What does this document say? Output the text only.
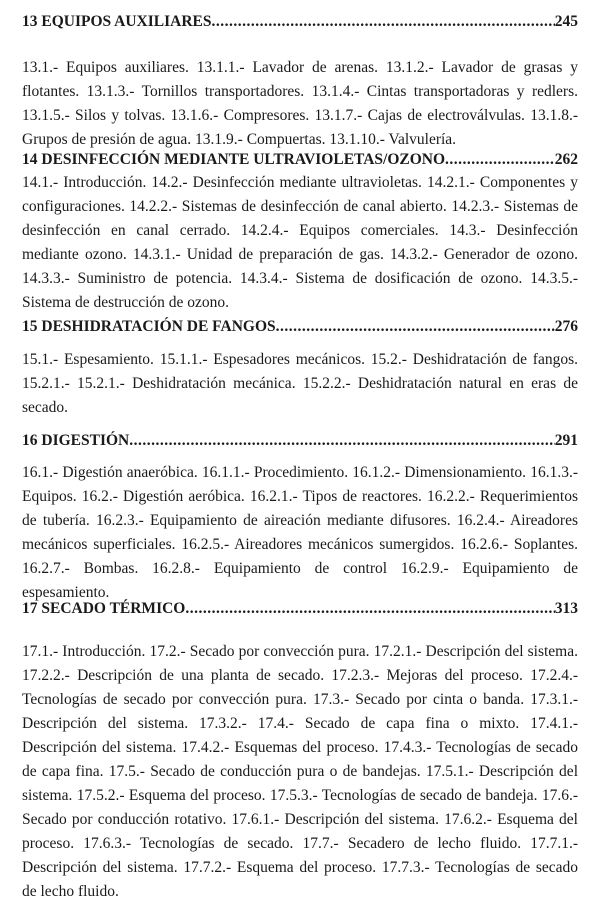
13 EQUIPOS AUXILIARES .....	245

13.1.- Equipos auxiliares. 13.1.1.- Lavador de arenas. 13.1.2.- Lavador de grasas y flotantes. 13.1.3.- Tornillos transportadores. 13.1.4.- Cintas transportadoras y redlers. 13.1.5.- Silos y tolvas. 13.1.6.- Compresores. 13.1.7.- Cajas de electroválvulas. 13.1.8.- Grupos de presión de agua. 13.1.9.- Compuertas. 13.1.10.- Valvulería.

14 DESINFECCIÓN MEDIANTE ULTRAVIOLETAS/OZONO .....	262

14.1.- Introducción. 14.2.- Desinfección mediante ultravioletas. 14.2.1.- Componentes y configuraciones. 14.2.2.- Sistemas de desinfección de canal abierto. 14.2.3.- Sistemas de desinfección en canal cerrado. 14.2.4.- Equipos comerciales. 14.3.- Desinfección mediante ozono. 14.3.1.- Unidad de preparación de gas. 14.3.2.- Generador de ozono. 14.3.3.- Suministro de potencia. 14.3.4.- Sistema de dosificación de ozono. 14.3.5.- Sistema de destrucción de ozono.

15 DESHIDRATACIÓN DE FANGOS .....	276

15.1.- Espesamiento. 15.1.1.- Espesadores mecánicos. 15.2.- Deshidratación de fangos. 15.2.1.- 15.2.1.- Deshidratación mecánica. 15.2.2.- Deshidratación natural en eras de secado.

16 DIGESTIÓN .....	291

16.1.- Digestión anaeróbica. 16.1.1.- Procedimiento. 16.1.2.- Dimensionamiento. 16.1.3.- Equipos. 16.2.- Digestión aeróbica. 16.2.1.- Tipos de reactores. 16.2.2.- Requerimientos de tubería. 16.2.3.- Equipamiento de aireación mediante difusores. 16.2.4.- Aireadores mecánicos superficiales. 16.2.5.- Aireadores mecánicos sumergidos. 16.2.6.- Soplantes. 16.2.7.- Bombas. 16.2.8.- Equipamiento de control 16.2.9.- Equipamiento de espesamiento.

17 SECADO TÉRMICO .....	313

17.1.- Introducción. 17.2.- Secado por convección pura. 17.2.1.- Descripción del sistema. 17.2.2.- Descripción de una planta de secado. 17.2.3.- Mejoras del proceso. 17.2.4.- Tecnologías de secado por convección pura. 17.3.- Secado por cinta o banda. 17.3.1.- Descripción del sistema. 17.3.2.- 17.4.- Secado de capa fina o mixto. 17.4.1.- Descripción del sistema. 17.4.2.- Esquemas del proceso. 17.4.3.- Tecnologías de secado de capa fina. 17.5.- Secado de conducción pura o de bandejas. 17.5.1.- Descripción del sistema. 17.5.2.- Esquema del proceso. 17.5.3.- Tecnologías de secado de bandeja. 17.6.- Secado por conducción rotativo. 17.6.1.- Descripción del sistema. 17.6.2.- Esquema del proceso. 17.6.3.- Tecnologías de secado. 17.7.- Secadero de lecho fluido. 17.7.1.- Descripción del sistema. 17.7.2.- Esquema del proceso. 17.7.3.- Tecnologías de secado de lecho fluido.
